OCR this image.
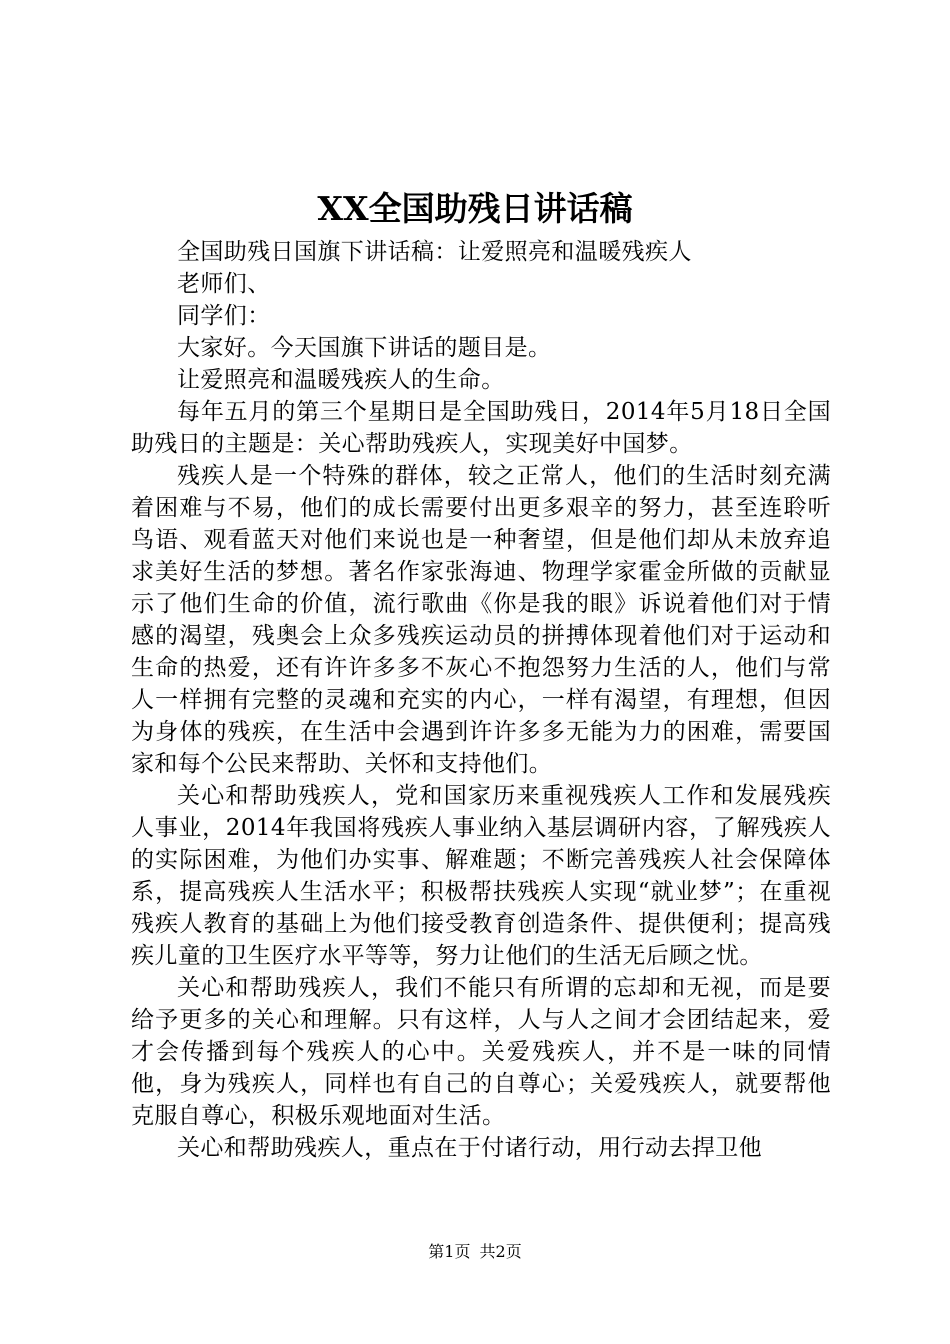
XX全国助残日讲话稿

全国助残日国旗下讲话稿：让爱照亮和温暖残疾人

老师们、

同学们：

大家好。今天国旗下讲话的题目是。

让爱照亮和温暖残疾人的生命。

每年五月的第三个星期日是全国助残日，2014年5月18日全国助残日的主题是：关心帮助残疾人，实现美好中国梦。

残疾人是一个特殊的群体，较之正常人，他们的生活时刻充满着困难与不易，他们的成长需要付出更多艰辛的努力，甚至连聆听鸟语、观看蓝天对他们来说也是一种奢望，但是他们却从未放弃追求美好生活的梦想。著名作家张海迪、物理学家霍金所做的贡献显示了他们生命的价值，流行歌曲《你是我的眼》诉说着他们对于情感的渴望，残奥会上众多残疾运动员的拼搏体现着他们对于运动和生命的热爱，还有许许多多不灰心不抱怨努力生活的人，他们与常人一样拥有完整的灵魂和充实的内心，一样有渴望，有理想，但因为身体的残疾，在生活中会遇到许许多多无能为力的困难，需要国家和每个公民来帮助、关怀和支持他们。

关心和帮助残疾人，党和国家历来重视残疾人工作和发展残疾人事业，2014年我国将残疾人事业纳入基层调研内容，了解残疾人的实际困难，为他们办实事、解难题；不断完善残疾人社会保障体系，提高残疾人生活水平；积极帮扶残疾人实现“就业梦”；在重视残疾人教育的基础上为他们接受教育创造条件、提供便利；提高残疾儿童的卫生医疗水平等等，努力让他们的生活无后顾之忧。

关心和帮助残疾人，我们不能只有所谓的忘却和无视，而是要给予更多的关心和理解。只有这样，人与人之间才会团结起来，爱才会传播到每个残疾人的心中。关爱残疾人，并不是一味的同情他，身为残疾人，同样也有自己的自尊心；关爱残疾人，就要帮他克服自尊心，积极乐观地面对生活。

关心和帮助残疾人，重点在于付诸行动，用行动去捍卫他

第1页 共2页
